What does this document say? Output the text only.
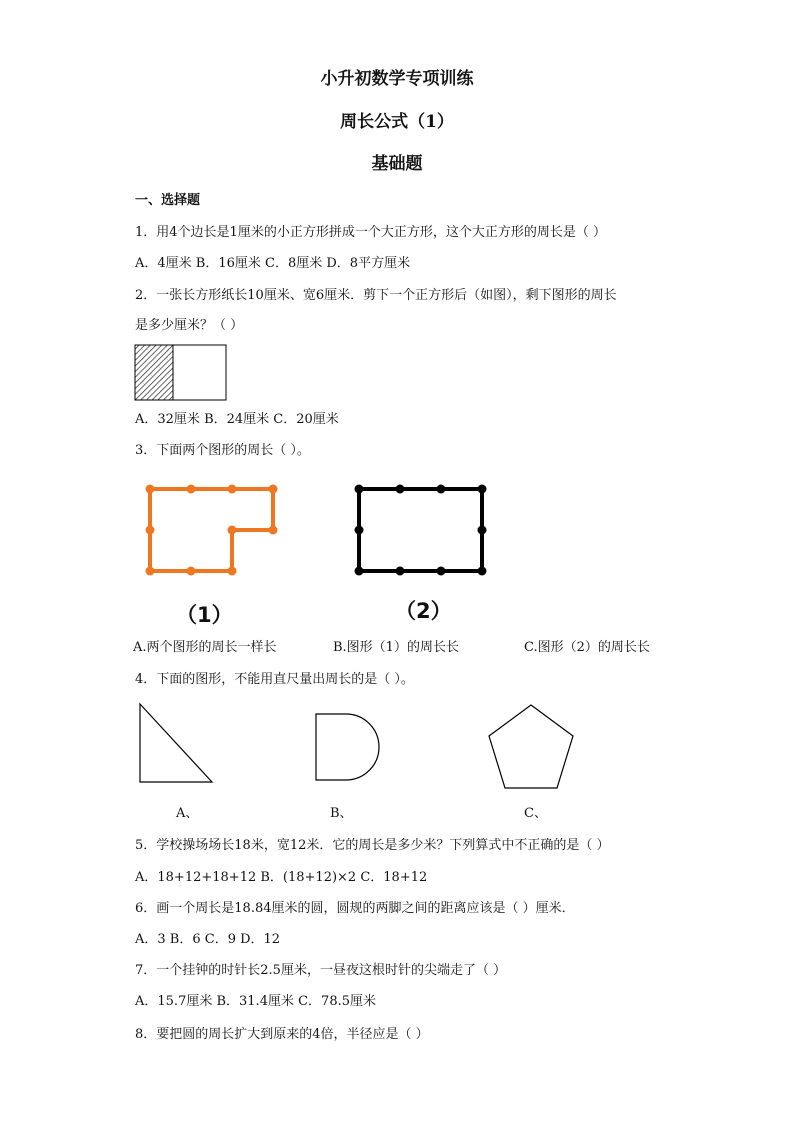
小升初数学专项训练
周长公式（1）
基础题
一、选择题
1．用4个边长是1厘米的小正方形拼成一个大正方形，这个大正方形的周长是（ ）
A．4厘米 B．16厘米 C．8厘米 D．8平方厘米
2．一张长方形纸长10厘米、宽6厘米．剪下一个正方形后（如图），剩下图形的周长
是多少厘米？（ ）
A．32厘米 B．24厘米 C．20厘米
3．下面两个图形的周长（ ）。
（1）	（2）
A.两个图形的周长一样长	B.图形（1）的周长长	C.图形（2）的周长长
4．下面的图形，不能用直尺量出周长的是（ ）。
A、	B、	C、
5．学校操场场长18米，宽12米．它的周长是多少米？下列算式中不正确的是（ ）
A．18+12+18+12 B．(18+12)×2 C．18+12
6．画一个周长是18.84厘米的圆，圆规的两脚之间的距离应该是（ ）厘米．
A．3 B．6 C．9 D．12
7．一个挂钟的时针长2.5厘米，一昼夜这根时针的尖端走了（ ）
A．15.7厘米 B．31.4厘米 C．78.5厘米
8．要把圆的周长扩大到原来的4倍，半径应是（ ）
